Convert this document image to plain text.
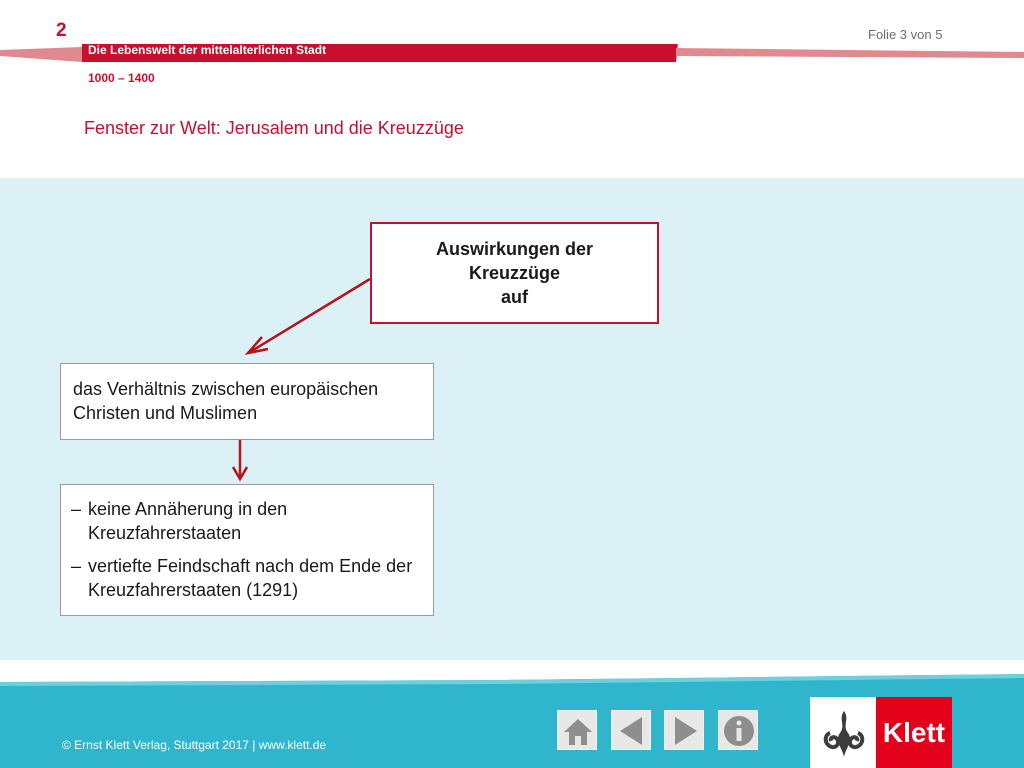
2	Folie 3 von 5
Die Lebenswelt der mittelalterlichen Stadt
1000 – 1400
Fenster zur Welt: Jerusalem und die Kreuzzüge
Auswirkungen der
Kreuzzüge
auf
das Verhältnis zwischen europäischen
Christen und Muslimen
– keine Annäherung in den Kreuzfahrerstaaten
– vertiefte Feindschaft nach dem Ende der Kreuzfahrerstaaten (1291)
© Ernst Klett Verlag, Stuttgart 2017 | www.klett.de	Klett
